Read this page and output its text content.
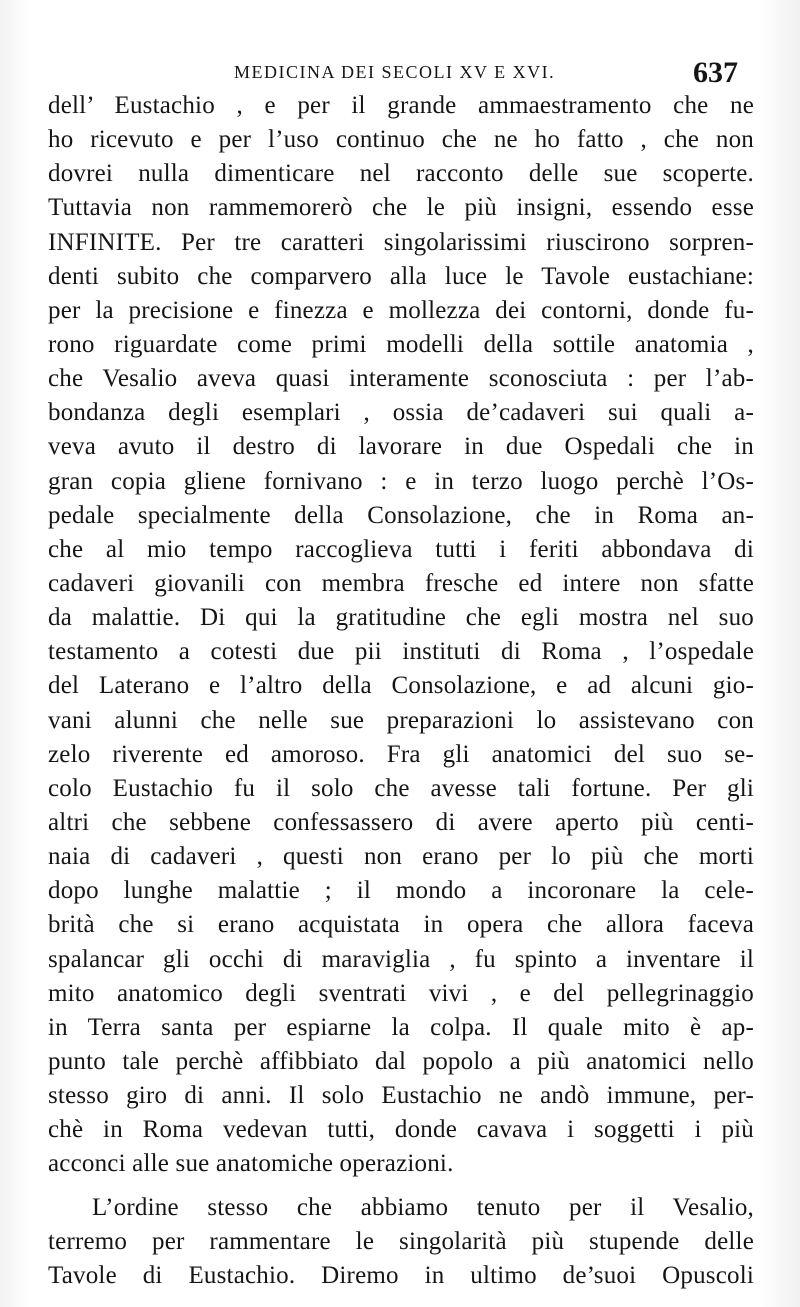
MEDICINA DEI SECOLI XV E XVI.	637
dell’ Eustachio , e per il grande ammaestramento che ne
ho ricevuto e per l’uso continuo che ne ho fatto , che non
dovrei nulla dimenticare nel racconto delle sue scoperte.
Tuttavia non rammemorerò che le più insigni, essendo esse
INFINITE. Per tre caratteri singolarissimi riuscirono sorpren-
denti subito che comparvero alla luce le Tavole eustachiane:
per la precisione e finezza e mollezza dei contorni, donde fu-
rono riguardate come primi modelli della sottile anatomia ,
che Vesalio aveva quasi interamente sconosciuta : per l’ab-
bondanza degli esemplari , ossia de’cadaveri sui quali a-
veva avuto il destro di lavorare in due Ospedali che in
gran copia gliene fornivano : e in terzo luogo perchè l’Os-
pedale specialmente della Consolazione, che in Roma an-
che al mio tempo raccoglieva tutti i feriti abbondava di
cadaveri giovanili con membra fresche ed intere non sfatte
da malattie. Di qui la gratitudine che egli mostra nel suo
testamento a cotesti due pii instituti di Roma , l’ospedale
del Laterano e l’altro della Consolazione, e ad alcuni gio-
vani alunni che nelle sue preparazioni lo assistevano con
zelo riverente ed amoroso. Fra gli anatomici del suo se-
colo Eustachio fu il solo che avesse tali fortune. Per gli
altri che sebbene confessassero di avere aperto più centi-
naia di cadaveri , questi non erano per lo più che morti
dopo lunghe malattie ; il mondo a incoronare la cele-
brità che si erano acquistata in opera che allora faceva
spalancar gli occhi di maraviglia , fu spinto a inventare il
mito anatomico degli sventrati vivi , e del pellegrinaggio
in Terra santa per espiarne la colpa. Il quale mito è ap-
punto tale perchè affibbiato dal popolo a più anatomici nello
stesso giro di anni. Il solo Eustachio ne andò immune, per-
chè in Roma vedevan tutti, donde cavava i soggetti i più
acconci alle sue anatomiche operazioni.
L’ordine stesso che abbiamo tenuto per il Vesalio,
terremo per rammentare le singolarità più stupende delle
Tavole di Eustachio. Diremo in ultimo de’suoi Opuscoli
